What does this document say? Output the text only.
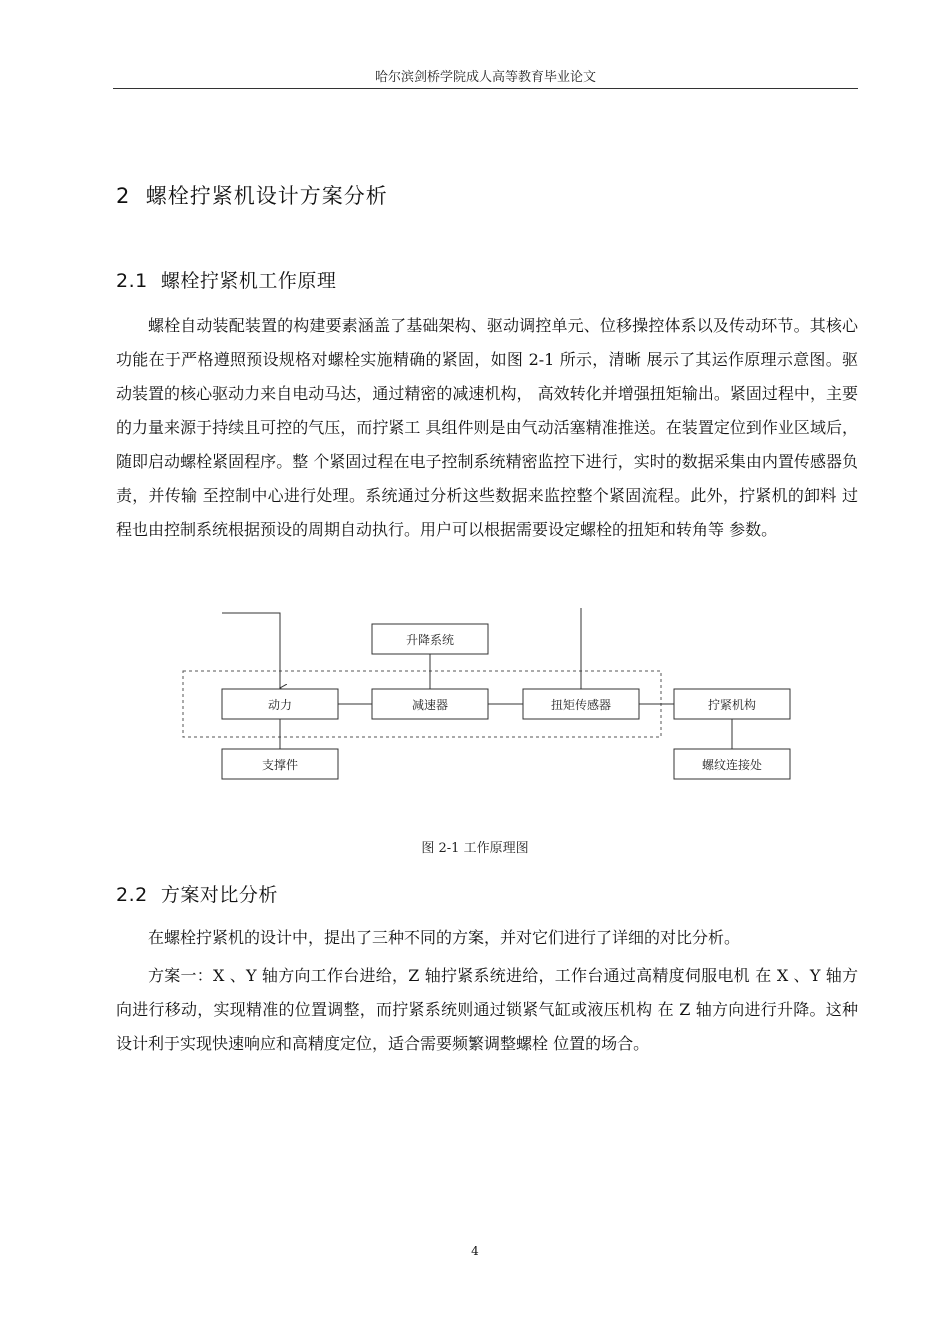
哈尔滨剑桥学院成人高等教育毕业论文
2 螺栓拧紧机设计方案分析
2.1 螺栓拧紧机工作原理

螺栓自动装配装置的构建要素涵盖了基础架构、驱动调控单元、位移操控体系以及传动环节。其核心功能在于严格遵照预设规格对螺栓实施精确的紧固，如图 2-1 所示，清晰 展示了其运作原理示意图。驱动装置的核心驱动力来自电动马达，通过精密的减速机构， 高效转化并增强扭矩输出。紧固过程中，主要的力量来源于持续且可控的气压，而拧紧工 具组件则是由气动活塞精准推送。在装置定位到作业区域后，随即启动螺栓紧固程序。整 个紧固过程在电子控制系统精密监控下进行，实时的数据采集由内置传感器负责，并传输 至控制中心进行处理。系统通过分析这些数据来监控整个紧固流程。此外，拧紧机的卸料 过程也由控制系统根据预设的周期自动执行。用户可以根据需要设定螺栓的扭矩和转角等 参数。

升降系统
动力	减速器	扭矩传感器	拧紧机构
支撑件	螺纹连接处
图 2-1 工作原理图
2.2 方案对比分析

在螺栓拧紧机的设计中，提出了三种不同的方案，并对它们进行了详细的对比分析。

方案一：X 、Y 轴方向工作台进给，Z 轴拧紧系统进给，工作台通过高精度伺服电机 在 X 、Y 轴方向进行移动，实现精准的位置调整，而拧紧系统则通过锁紧气缸或液压机构 在 Z 轴方向进行升降。这种设计利于实现快速响应和高精度定位，适合需要频繁调整螺栓 位置的场合。

4
